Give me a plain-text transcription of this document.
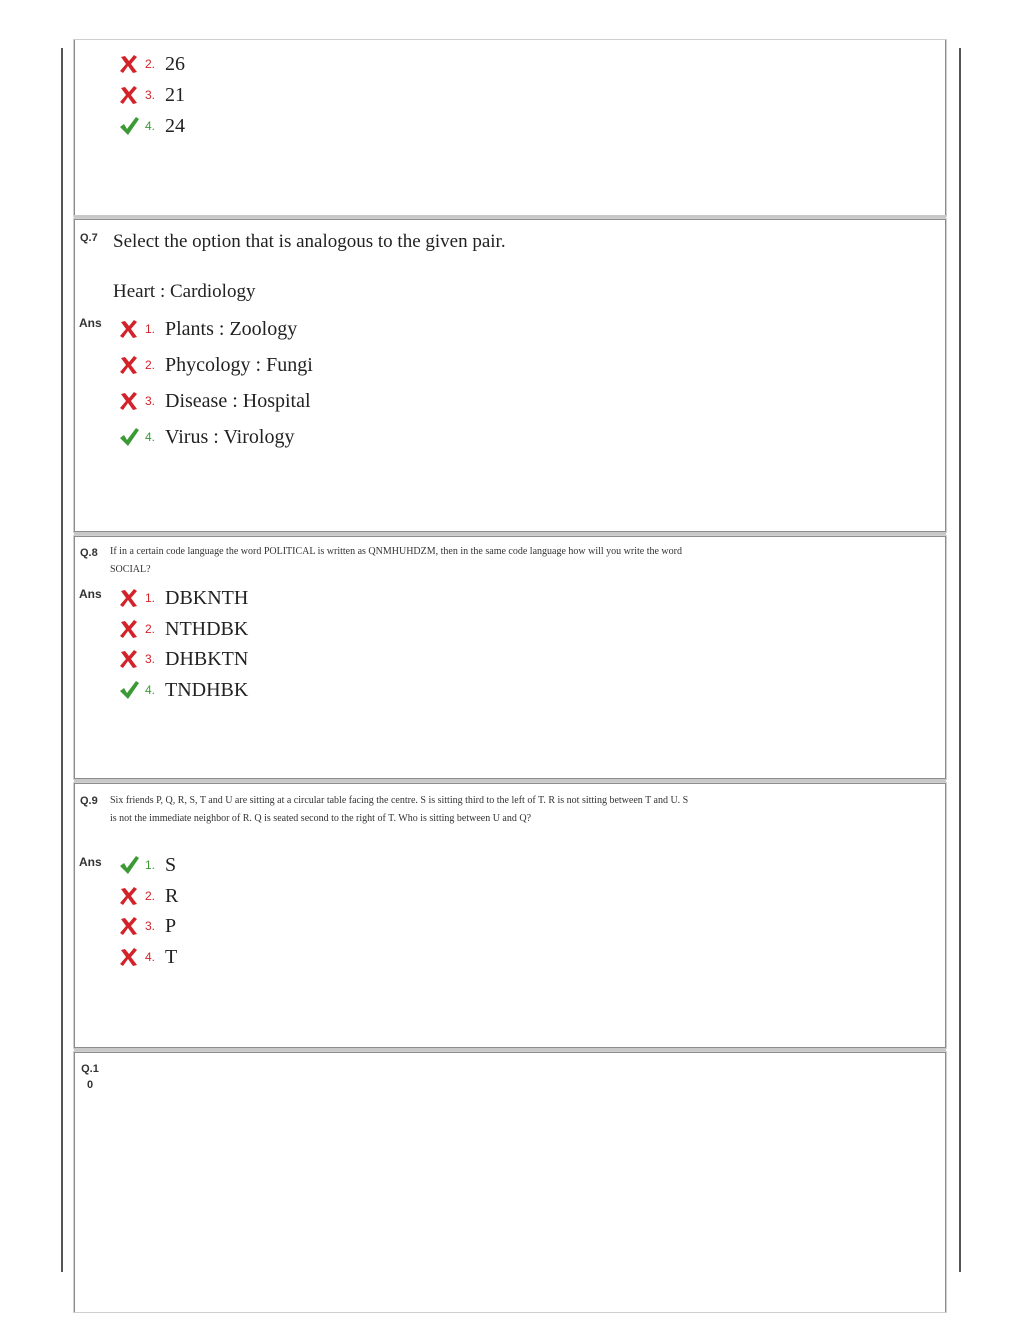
2. 26
3. 21
4. 24
Q.7 Select the option that is analogous to the given pair.
Heart : Cardiology
Ans	1. Plants : Zoology
2. Phycology : Fungi
3. Disease : Hospital
4. Virus : Virology
Q.8 If in a certain code language the word POLITICAL is written as QNMHUHDZM, then in the same code language how will you write the word SOCIAL?
Ans	1. DBKNTH
2. NTHDBK
3. DHBKTN
4. TNDHBK
Q.9 Six friends P, Q, R, S, T and U are sitting at a circular table facing the centre. S is sitting third to the left of T. R is not sitting between T and U. S is not the immediate neighbor of R. Q is seated second to the right of T. Who is sitting between U and Q?
Ans	1. S
2. R
3. P
4. T
Q.1
0
